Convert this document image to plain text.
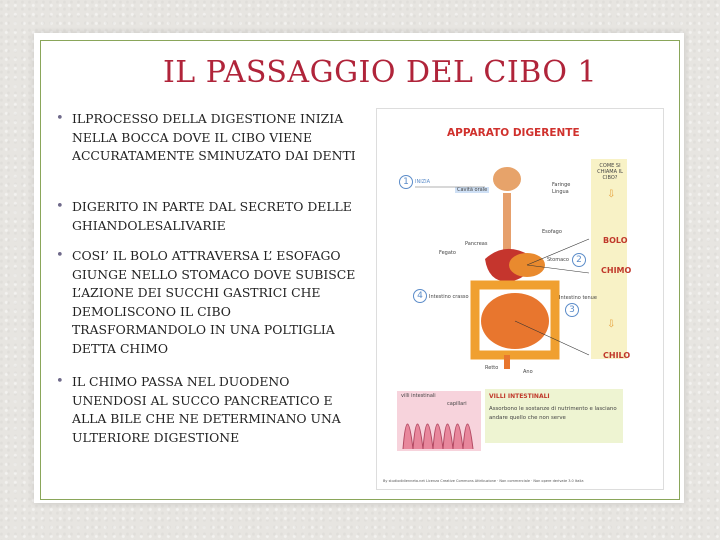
IL PASSAGGIO DEL CIBO 1
• ILPROCESSO DELLA DIGESTIONE INIZIA NELLA BOCCA DOVE IL CIBO VIENE ACCURATAMENTE SMINUZATO DAI DENTI
• DIGERITO IN PARTE DAL SECRETO DELLE GHIANDOLESALIVARIE
• COSI’ IL BOLO ATTRAVERSA L’ ESOFAGO GIUNGE NELLO STOMACO DOVE SUBISCE L’AZIONE DEI SUCCHI GASTRICI CHE DEMOLISCONO IL CIBO TRASFORMANDOLO IN UNA POLTIGLIA DETTA CHIMO
• IL CHIMO PASSA NEL DUODENO UNENDOSI AL SUCCO PANCREATICO E ALLA BILE CHE NE DETERMINANO UNA ULTERIORE DIGESTIONE
APPARATO DIGERENTE
COME SI CHIAMA IL CIBO?
BOLO
CHIMO
CHILO
⇩
⇩
1
2
3
4
INIZIA
Cavità orale
Faringe
Lingua
Esofago
Pancreas
Fegato
Stomaco
Intestino crasso	Intestino tenue
Retto
Ano
villi intestinali
capillari
VILLI INTESTINALI
Assorbono le sostanze di nutrimento e lasciano andare quello che non serve
By studiodidienneta.net Licenza Creative Commons Attribuzione · Non commerciale · Non opere derivate 3.0 Italia
